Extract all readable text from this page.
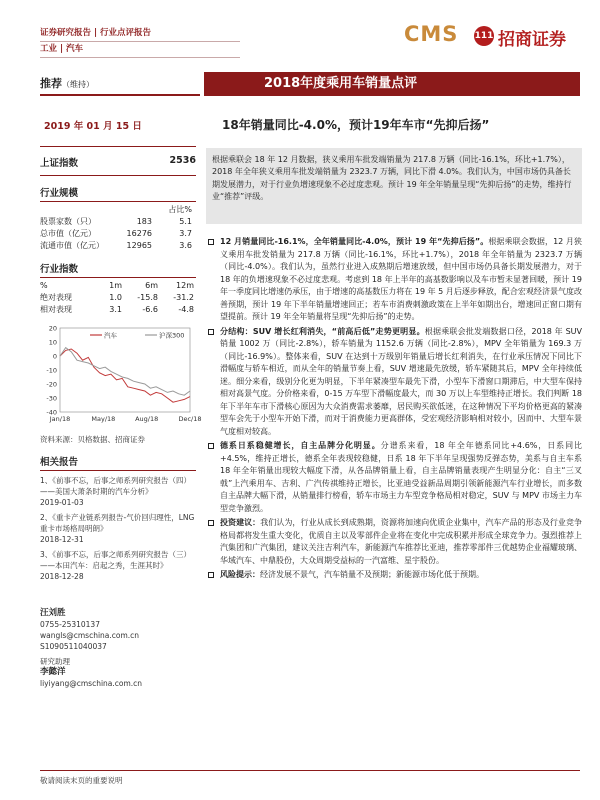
证券研究报告 | 行业点评报告
工业 | 汽车
CMS 111 招商证券
推荐（维持）	2018年度乘用车销量点评
2019 年 01 月 15 日	18年销量同比-4.0%，预计19年车市“先抑后扬”
上证指数	2536
行业规模
占比%
股票家数（只）	183	5.1
总市值（亿元）	16276	3.7
流通市值（亿元）	12965	3.6
行业指数
%	1m	6m	12m
绝对表现	1.0	-15.8	-31.2
相对表现	3.1	-6.6	-4.8
20
10
0
-10
-20
-30
-40
Jan/18	May/18	Aug/18	Dec/18
汽车	沪深300
资料来源：贝格数据、招商证券
相关报告
1、《前事不忘，后事之师系列研究报告（四）——美国大萧条时期的汽车分析》
2019-01-03
2、《重卡产业链系列报告-气价回归理性，LNG 重卡市场格局明朗》
2018-12-31
3、《前事不忘，后事之师系列研究报告（三）——本田汽车：启起之秀，生涯其时》
2018-12-28
汪刘胜
0755-25310137
wangls@cmschina.com.cn
S1090511040037
研究助理
李懿洋
liyiyang@cmschina.com.cn
根据乘联会 18 年 12 月数据，狭义乘用车批发端销量为 217.8 万辆（同比-16.1%，环比+1.7%），2018 年全年狭义乘用车批发端销量为 2323.7 万辆，同比下滑 4.0%。我们认为，中国市场仍具备长期发展潜力，对于行业负增速现象不必过度悲观。预计 19 年全年销量呈现“先抑后扬”的走势，维持行业“推荐”评级。
12 月销量同比-16.1%，全年销量同比-4.0%，预计 19 年“先抑后扬”。根据乘联会数据，12 月狭义乘用车批发销量为 217.8 万辆（同比-16.1%，环比+1.7%），2018 年全年销量为 2323.7 万辆（同比-4.0%）。我们认为，虽然行业进入成熟期后增速放缓，但中国市场仍具备长期发展潜力，对于 18 年的负增速现象不必过度悲观。考虑到 18 年上半年的高基数影响以及车市暂未显著回暖，预计 19 年一季度同比增速仍承压，由于增速的高基数压力将在 19 年 5 月后逐步释放，配合宏观经济景气度改善预期，预计 19 年下半年销量增速回正；若车市消费刺激政策在上半年如期出台，增速回正窗口期有望提前。预计 19 年全年销量将呈现“先抑后扬”的走势。
分结构：SUV 增长红利消失，“前高后低”走势更明显。根据乘联会批发端数据口径，2018 年 SUV 销量 1002 万（同比-2.8%），轿车销量为 1152.6 万辆（同比-2.8%），MPV 全年销量为 169.3 万（同比-16.9%）。整体来看，SUV 在达到十万级别年销量后增长红利消失，在行业承压情况下同比下滑幅度与轿车相近，而从全年的销量节奏上看，SUV 增速最先放缓，轿车紧随其后，MPV 全年持续低迷。细分来看，级别分化更为明显，下半年紧凑型车最先下滑，小型车下滑窗口期滞后，中大型车保持相对高景气度。分价格来看，0-15 万车型下滑幅度最大，而 30 万以上车型维持正增长。我们判断 18 年下半年车市下滑核心原因为大众消费需求萎靡，居民购买欲低迷，在这种情况下平均价格更高的紧凑型车会先于小型车开始下滑，而对于消费能力更高群体，受宏观经济影响相对较小，因而中、大型车景气度相对较高。
德系日系稳健增长，自主品牌分化明显。分谱系来看，18 年全年德系同比+4.6%，日系同比+4.5%，维持正增长，德系全年表现较稳健，日系 18 年下半年呈现强势反弹态势，美系与自主车系 18 年全年销量出现较大幅度下滑，从各品牌销量上看，自主品牌销量表现产生明显分化：自主“三叉戟”上汽乘用车、吉利、广汽传祺维持正增长，比亚迪受益新品周期引领新能源汽车行业增长，而多数自主品牌大幅下滑，从销量排行榜看，轿车市场主力车型竞争格局相对稳定，SUV 与 MPV 市场主力车型竞争激烈。
投资建议：我们认为，行业从成长到成熟期，资源将加速向优质企业集中，汽车产品的形态及行业竞争格局都将发生重大变化，优质自主以及零部件企业将在变化中完成积累并形成全球竞争力。强烈推荐上汽集团和广汽集团，建议关注吉利汽车，新能源汽车推荐比亚迪，推荐零部件三优越势企业福耀玻璃、华域汽车、中鼎股份，大众周期受益标的一汽富维、星宇股份。
风险提示：经济发展不景气，汽车销量不及预期；新能源市场化低于预期。
敬请阅读末页的重要说明
